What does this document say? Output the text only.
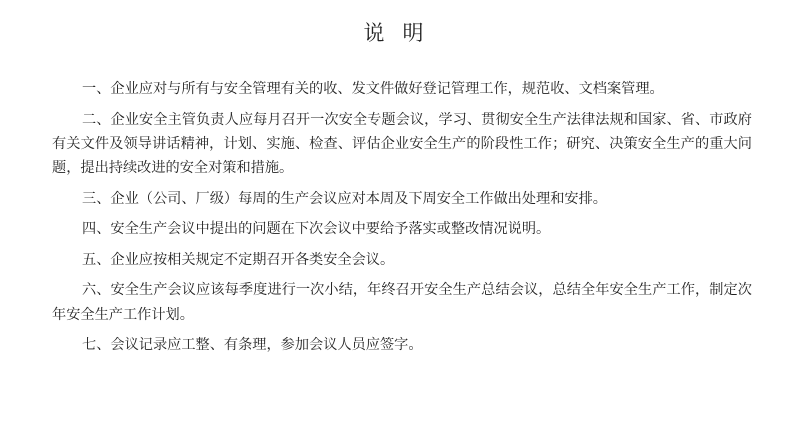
说明

一、企业应对与所有与安全管理有关的收、发文件做好登记管理工作，规范收、文档案管理。

二、企业安全主管负责人应每月召开一次安全专题会议，学习、贯彻安全生产法律法规和国家、省、市政府有关文件及领导讲话精神，计划、实施、检查、评估企业安全生产的阶段性工作；研究、决策安全生产的重大问题，提出持续改进的安全对策和措施。

三、企业（公司、厂级）每周的生产会议应对本周及下周安全工作做出处理和安排。

四、安全生产会议中提出的问题在下次会议中要给予落实或整改情况说明。

五、企业应按相关规定不定期召开各类安全会议。

六、安全生产会议应该每季度进行一次小结，年终召开安全生产总结会议，总结全年安全生产工作，制定次年安全生产工作计划。

七、会议记录应工整、有条理，参加会议人员应签字。
